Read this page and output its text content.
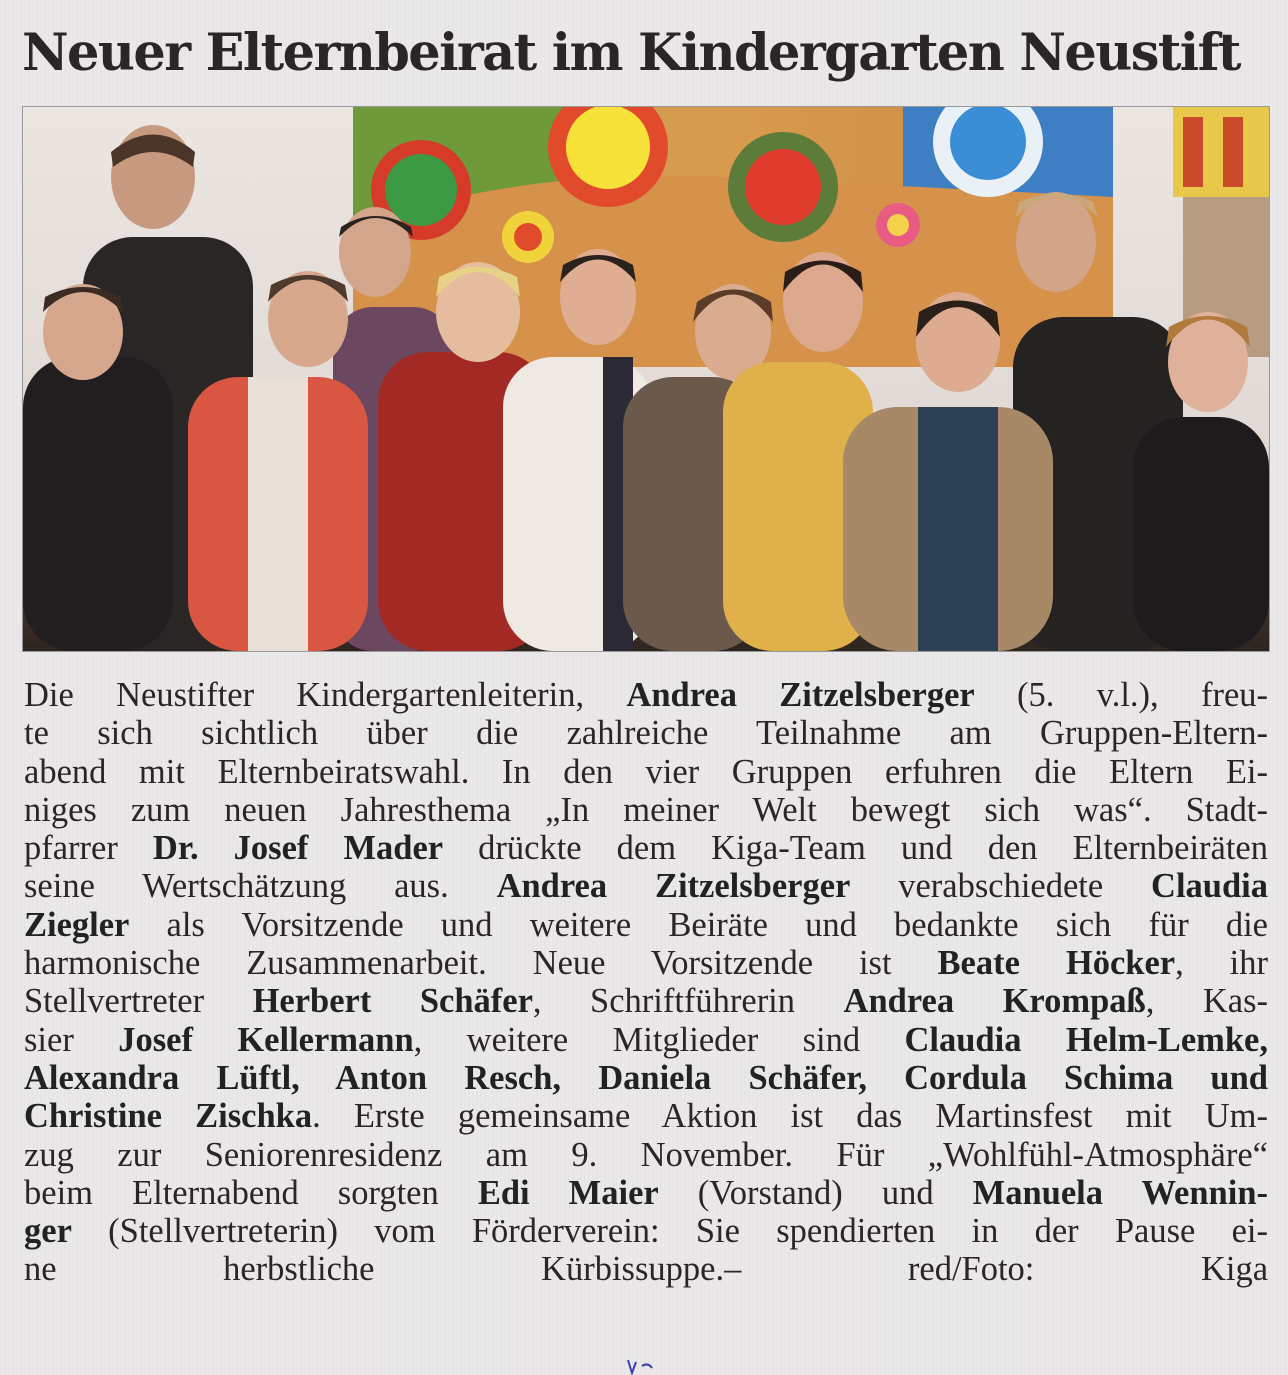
Neuer Elternbeirat im Kindergarten Neustift
Die Neustifter Kindergartenleiterin, Andrea Zitzelsberger (5. v.l.), freu-
te sich sichtlich über die zahlreiche Teilnahme am Gruppen-Eltern-
abend mit Elternbeiratswahl. In den vier Gruppen erfuhren die Eltern Ei-
niges zum neuen Jahresthema „In meiner Welt bewegt sich was“. Stadt-
pfarrer Dr. Josef Mader drückte dem Kiga-Team und den Elternbeiräten
seine Wertschätzung aus. Andrea Zitzelsberger verabschiedete Claudia
Ziegler als Vorsitzende und weitere Beiräte und bedankte sich für die
harmonische Zusammenarbeit. Neue Vorsitzende ist Beate Höcker, ihr
Stellvertreter Herbert Schäfer, Schriftführerin Andrea Krompaß, Kas-
sier Josef Kellermann, weitere Mitglieder sind Claudia Helm-Lemke,
Alexandra Lüftl, Anton Resch, Daniela Schäfer, Cordula Schima und
Christine Zischka. Erste gemeinsame Aktion ist das Martinsfest mit Um-
zug zur Seniorenresidenz am 9. November. Für „Wohlfühl-Atmosphäre“
beim Elternabend sorgten Edi Maier (Vorstand) und Manuela Wennin-
ger (Stellvertreterin) vom Förderverein: Sie spendierten in der Pause ei-
ne herbstliche Kürbissuppe.– red/Foto: Kiga
